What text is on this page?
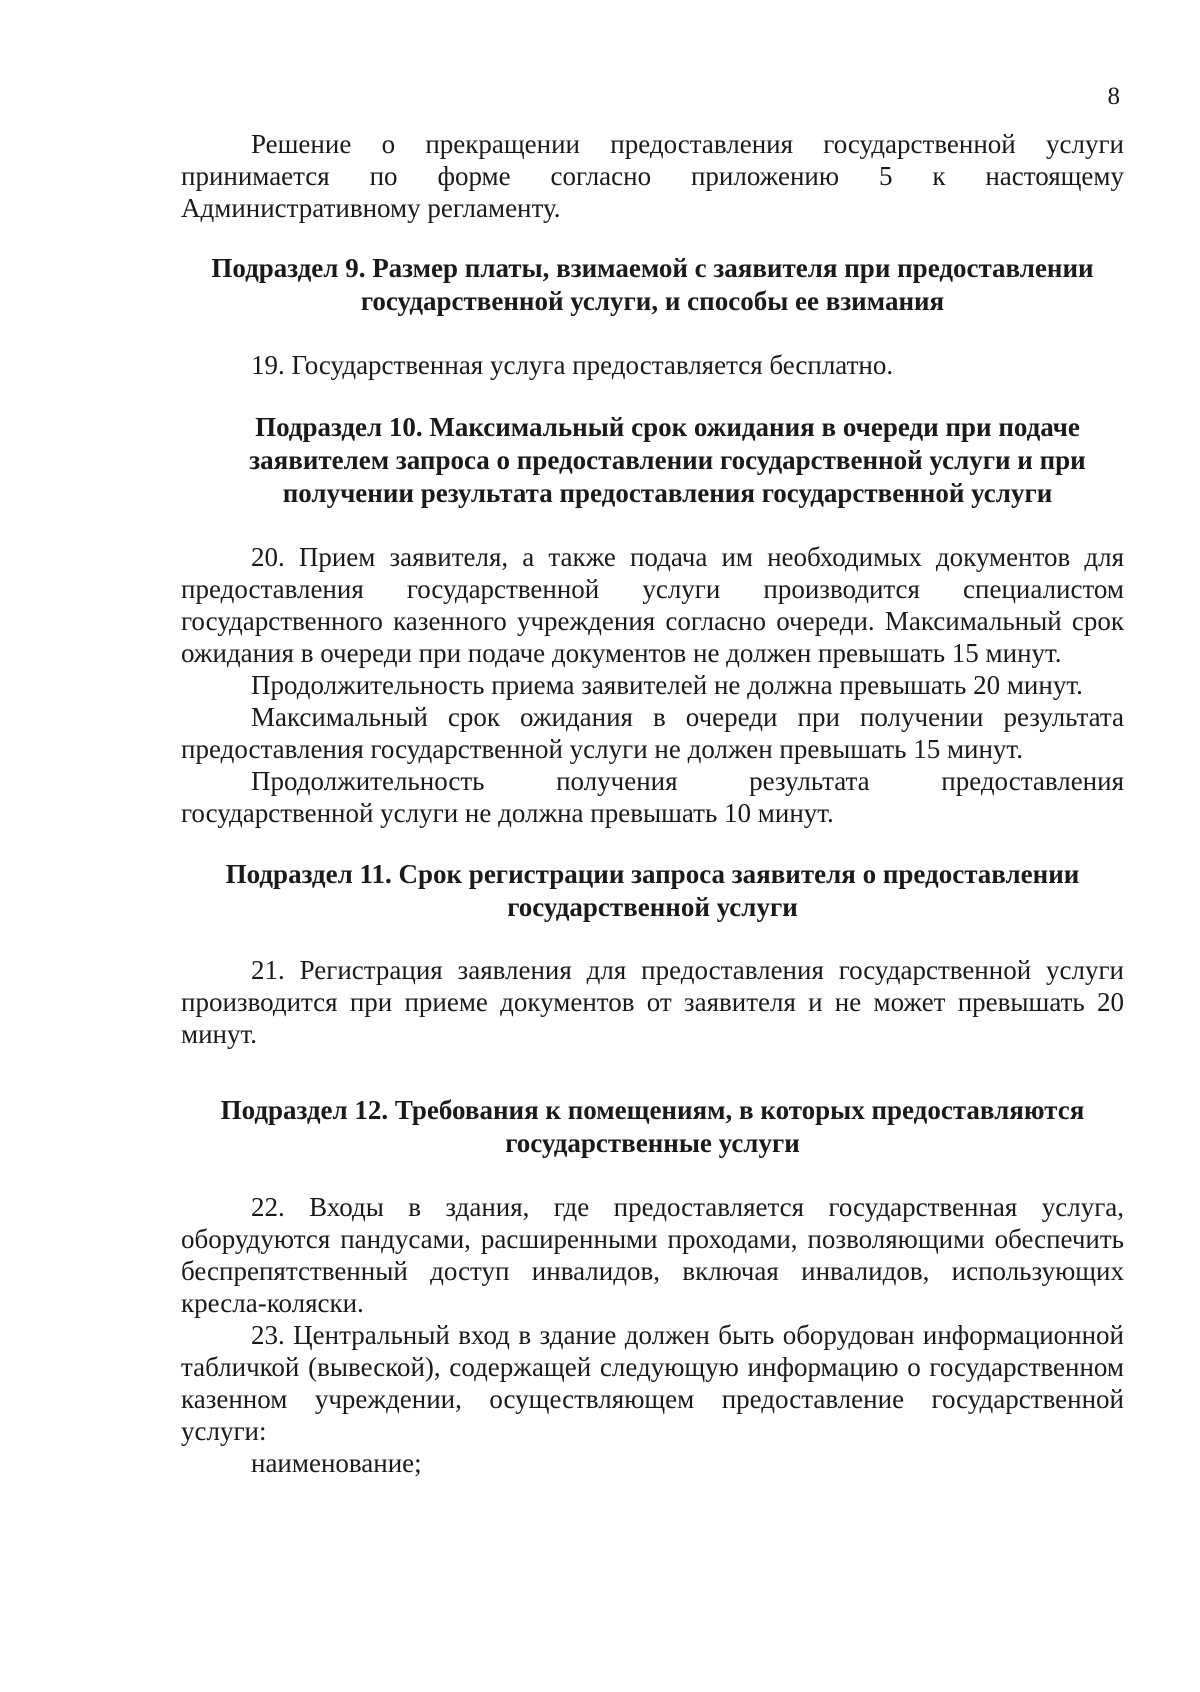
8

Решение о прекращении предоставления государственной услуги принимается по форме согласно приложению 5 к настоящему Административному регламенту.

Подраздел 9. Размер платы, взимаемой с заявителя при предоставлении
государственной услуги, и способы ее взимания

19. Государственная услуга предоставляется бесплатно.

Подраздел 10. Максимальный срок ожидания в очереди при подаче
заявителем запроса о предоставлении государственной услуги и при
получении результата предоставления государственной услуги

20. Прием заявителя, а также подача им необходимых документов для предоставления государственной услуги производится специалистом государственного казенного учреждения согласно очереди. Максимальный срок ожидания в очереди при подаче документов не должен превышать 15 минут.

Продолжительность приема заявителей не должна превышать 20 минут.

Максимальный срок ожидания в очереди при получении результата предоставления государственной услуги не должен превышать 15 минут.

Продолжительность получения результата предоставления государственной услуги не должна превышать 10 минут.

Подраздел 11. Срок регистрации запроса заявителя о предоставлении
государственной услуги

21. Регистрация заявления для предоставления государственной услуги производится при приеме документов от заявителя и не может превышать 20 минут.

Подраздел 12. Требования к помещениям, в которых предоставляются
государственные услуги

22. Входы в здания, где предоставляется государственная услуга, оборудуются пандусами, расширенными проходами, позволяющими обеспечить беспрепятственный доступ инвалидов, включая инвалидов, использующих кресла-коляски.

23. Центральный вход в здание должен быть оборудован информационной табличкой (вывеской), содержащей следующую информацию о государственном казенном учреждении, осуществляющем предоставление государственной услуги:

наименование;
